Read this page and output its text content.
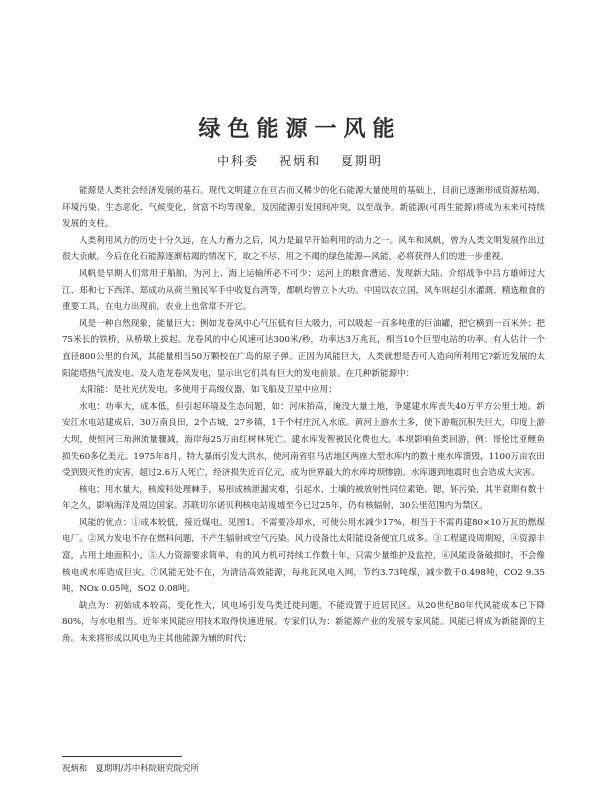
绿色能源一风能
中科委 祝炳和 夏期明

能源是人类社会经济发展的基石。现代文明建立在亘古而又稀少的化石能源大量使用的基础上，目前已逐渐形成资源枯竭、环境污染、生态恶化、气候变化，贫富不均等现象，及因能源引发国间冲突，以至战争。新能源(可再生能源)将成为未来可持续发展的支柱。

人类利用风力的历史十分久远，在人力畜力之后，风力是最早开始利用的动力之一。风车和风帆，曾为人类文明发展作出过很大贡献。今后在化石能源逐渐枯竭的情况下，取之不尽、用之不竭的绿色能源—风能，必将获得人们的进一步重视。

风帆是早期人们常用于船舶，为河上、海上运输所必不可少；运河上的粮食漕运、发现新大陆、介绍战争中吕方雄师过大江、郑和七下西洋、郑成功从荷兰殖民军手中收复台湾等，都帆均曾立卜大功。中国以农立国，风车则起引水灌溉、精选粮食的重要工具，在电力出现前，农业上也常常不开它。

风是一种自然现象，能量巨大；例如龙卷风中心气压低有巨大吸力，可以吸起一百多吨重的巨油罐，把它横到一百米外；把75米长的铁桥，从桥墩上拔起。龙卷风的中心风速可达300米/秒，功率达3万兆瓦，相当10个巨型电站的功率。有人估计一个直径800公里的台风，其能量相当50万颗校在广岛的原子弹。正因为风能巨大，人类就想是否可人造向所利用它?新近发展的太阳能塔热气流发电、及人造龙卷风发电，显示出它们具有巨大的发电前景。在几种新能源中：

太阳能：是社光伏发电，多使用于高级仪器，如飞船及卫星中应用；

水电：功率大，成本低，但引起环境及生态问题，如：河床抬高，淹没大量土地，争建建水库丧失40万平方公里土地。新安江水电站建成后，30万南良田，2个古城，27乡镇，1千个村庄沉入水底。黄河上游水土多，使下游瓶沉积失巨大，印度上游大坝，使恒河三角洲流量骤减，海岸每25万亩红树林死亡。建水库发智被民化费也大。本坝影响鱼类回游，例：哥伦比亚鲤鱼损失60多亿美元。1975年8月，特大暴雨引发大洪水，使河南省驻马店地区两座大型水库内的数十座水库溃毁，1100万亩农田受到毁灭性的灾害，超过2.6万人死亡，经济损失近百亿元，成为世界最大的水库垮坝惨剧。水库遇到地震时也会造成大灾害。

核电：用水量大，核废料处理棘手，易形成核泄漏灾难，引起水、土壤的被放射性同位素铯、锶，钚污染，其半衰期有数十年之久，影响海洋及周边国家。苏联切尔诺贝利核电站废墟至今已过25年，仍有核辐射，30公里范围内为禁区。

风能的优点：①成本较低，接近煤电。见图1。不需要冷却水，可使公用水减少17%，相当于不需再建80×10万瓦的燃煤电厂。②风力发电不存在燃料问题，不产生辐射或空气污染。风力设备比太阳能设备便宜几成多。③工程建设周期短，④资源丰富，占用土地面积小，⑤人力资源要求简单，有的风力机可持续工作数十年，只需少量维护及监控，⑥风能设备破损时，不会像核电或水库造成巨灾。⑦风能无处不在，为清洁高效能源，每兆瓦风电入网，节约3.73吨煤，减少数千0.498吨，CO2 9.35吨，NOx 0.05吨，SO2 0.08吨。

缺点为：初始成本较高，变化性大，风电场引发鸟类迁徙问题，不能设置于近居民区。从20世纪80年代风能成本已下降80%，与水电相当。近年来风能应用技术取得快速进展。专家们认为：新能源产业的发展专家风能。风能已将成为新能源的主角。未来将形成以风电为主其他能源为辅的时代；

祝炳和　夏期明/苏中科院研究院究所
